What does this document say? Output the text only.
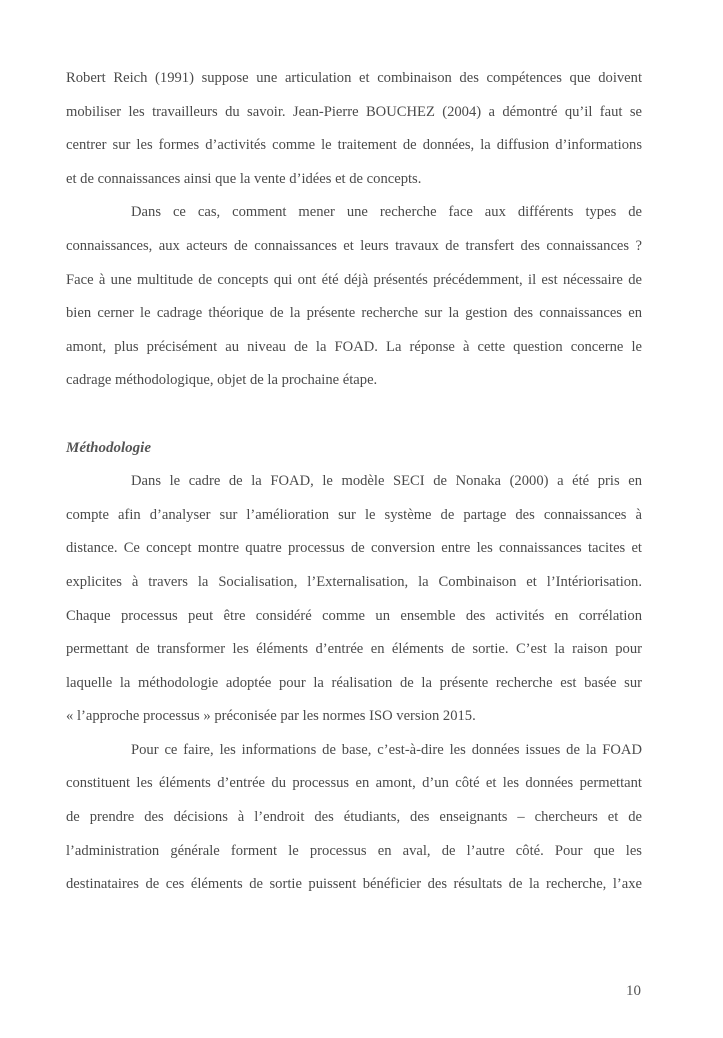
Robert Reich (1991) suppose une articulation et combinaison des compétences que doivent
mobiliser les travailleurs du savoir. Jean-Pierre BOUCHEZ (2004) a démontré qu’il faut se
centrer sur les formes d’activités comme le traitement de données, la diffusion d’informations
et de connaissances ainsi que la vente d’idées et de concepts.
Dans ce cas, comment mener une recherche face aux différents types de
connaissances, aux acteurs de connaissances et leurs travaux de transfert des connaissances ?
Face à une multitude de concepts qui ont été déjà présentés précédemment, il est nécessaire de
bien cerner le cadrage théorique de la présente recherche sur la gestion des connaissances en
amont, plus précisément au niveau de la FOAD. La réponse à cette question concerne le
cadrage méthodologique, objet de la prochaine étape.
Méthodologie
Dans le cadre de la FOAD, le modèle SECI de Nonaka (2000) a été pris en
compte afin d’analyser sur l’amélioration sur le système de partage des connaissances à
distance. Ce concept montre quatre processus de conversion entre les connaissances tacites et
explicites à travers la Socialisation, l’Externalisation, la Combinaison et l’Intériorisation.
Chaque processus peut être considéré comme un ensemble des activités en corrélation
permettant de transformer les éléments d’entrée en éléments de sortie. C’est la raison pour
laquelle la méthodologie adoptée pour la réalisation de la présente recherche est basée sur
« l’approche processus » préconisée par les normes ISO version 2015.
Pour ce faire, les informations de base, c’est-à-dire les données issues de la FOAD
constituent les éléments d’entrée du processus en amont, d’un côté et les données permettant
de prendre des décisions à l’endroit des étudiants, des enseignants – chercheurs et de
l’administration générale forment le processus en aval, de l’autre côté. Pour que les
destinataires de ces éléments de sortie puissent bénéficier des résultats de la recherche, l’axe
10
